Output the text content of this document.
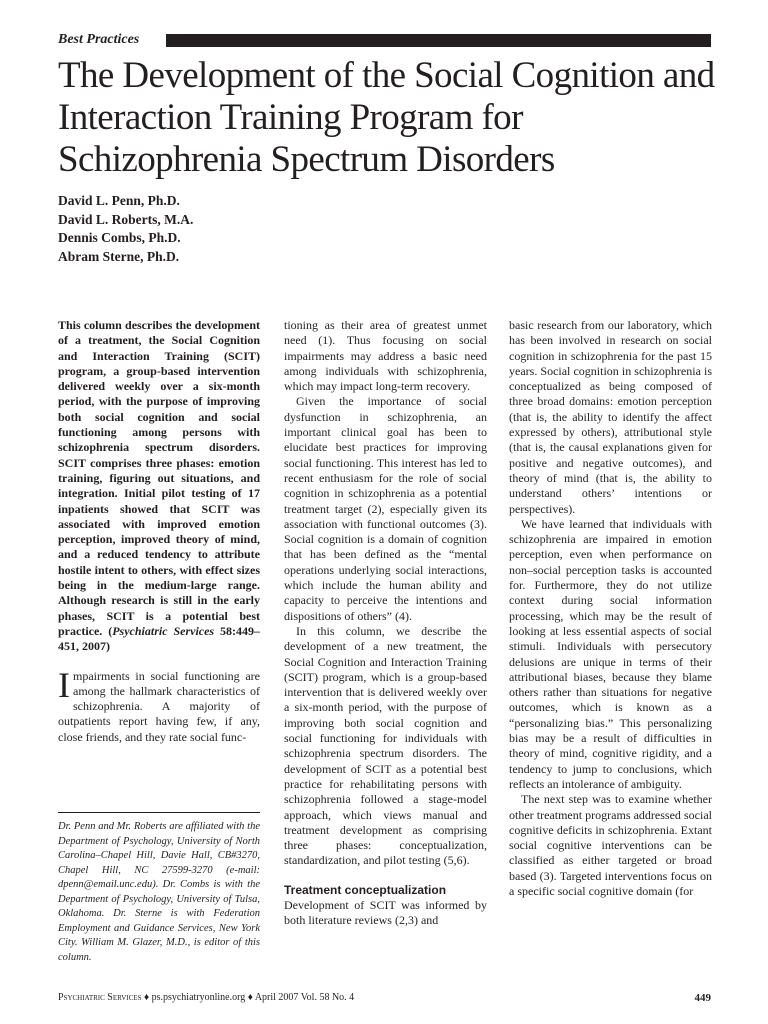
Best Practices
The Development of the Social Cognition and Interaction Training Program for Schizophrenia Spectrum Disorders
David L. Penn, Ph.D.
David L. Roberts, M.A.
Dennis Combs, Ph.D.
Abram Sterne, Ph.D.

This column describes the development of a treatment, the Social Cognition and Interaction Training (SCIT) program, a group-based intervention delivered weekly over a six-month period, with the purpose of improving both social cognition and social functioning among persons with schizophrenia spectrum disorders. SCIT comprises three phases: emotion training, figuring out situations, and integration. Initial pilot testing of 17 inpatients showed that SCIT was associated with improved emotion perception, improved theory of mind, and a reduced tendency to attribute hostile intent to others, with effect sizes being in the medium-large range. Although research is still in the early phases, SCIT is a potential best practice. (Psychiatric Services 58:449–451, 2007)

Impairments in social functioning are among the hallmark characteristics of schizophrenia. A majority of outpatients report having few, if any, close friends, and they rate social func-

Dr. Penn and Mr. Roberts are affiliated with the Department of Psychology, University of North Carolina–Chapel Hill, Davie Hall, CB#3270, Chapel Hill, NC 27599-3270 (e-mail: dpenn@email.unc.edu). Dr. Combs is with the Department of Psychology, University of Tulsa, Oklahoma. Dr. Sterne is with Federation Employment and Guidance Services, New York City. William M. Glazer, M.D., is editor of this column.

tioning as their area of greatest unmet need (1). Thus focusing on social impairments may address a basic need among individuals with schizophrenia, which may impact long-term recovery.

Given the importance of social dysfunction in schizophrenia, an important clinical goal has been to elucidate best practices for improving social functioning. This interest has led to recent enthusiasm for the role of social cognition in schizophrenia as a potential treatment target (2), especially given its association with functional outcomes (3). Social cognition is a domain of cognition that has been defined as the “mental operations underlying social interactions, which include the human ability and capacity to perceive the intentions and dispositions of others” (4).

In this column, we describe the development of a new treatment, the Social Cognition and Interaction Training (SCIT) program, which is a group-based intervention that is delivered weekly over a six-month period, with the purpose of improving both social cognition and social functioning for individuals with schizophrenia spectrum disorders. The development of SCIT as a potential best practice for rehabilitating persons with schizophrenia followed a stage-model approach, which views manual and treatment development as comprising three phases: conceptualization, standardization, and pilot testing (5,6).

Treatment conceptualization

Development of SCIT was informed by both literature reviews (2,3) and

basic research from our laboratory, which has been involved in research on social cognition in schizophrenia for the past 15 years. Social cognition in schizophrenia is conceptualized as being composed of three broad domains: emotion perception (that is, the ability to identify the affect expressed by others), attributional style (that is, the causal explanations given for positive and negative outcomes), and theory of mind (that is, the ability to understand others’ intentions or perspectives).

We have learned that individuals with schizophrenia are impaired in emotion perception, even when performance on non–social perception tasks is accounted for. Furthermore, they do not utilize context during social information processing, which may be the result of looking at less essential aspects of social stimuli. Individuals with persecutory delusions are unique in terms of their attributional biases, because they blame others rather than situations for negative outcomes, which is known as a “personalizing bias.” This personalizing bias may be a result of difficulties in theory of mind, cognitive rigidity, and a tendency to jump to conclusions, which reflects an intolerance of ambiguity.

The next step was to examine whether other treatment programs addressed social cognitive deficits in schizophrenia. Extant social cognitive interventions can be classified as either targeted or broad based (3). Targeted interventions focus on a specific social cognitive domain (for

Psychiatric Services ♦ ps.psychiatryonline.org ♦ April 2007 Vol. 58 No. 4	449
